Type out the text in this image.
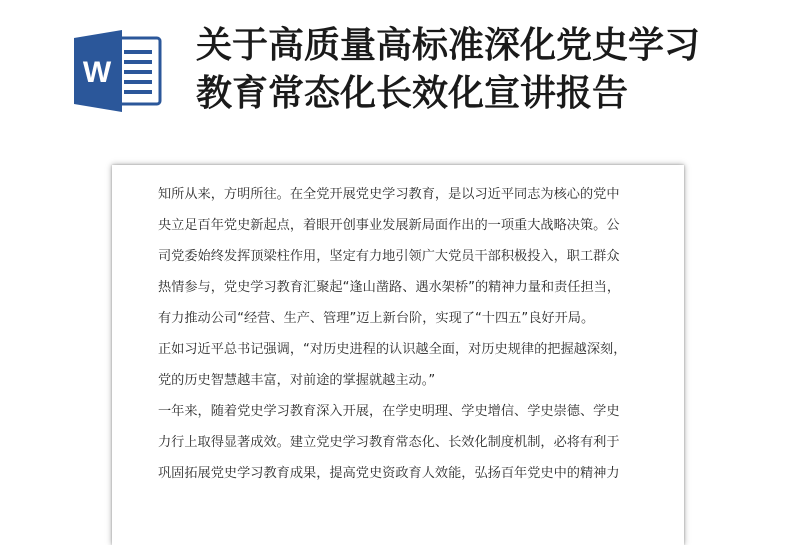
W
关于高质量高标准深化党史学习
教育常态化长效化宣讲报告
知所从来，方明所往。在全党开展党史学习教育，是以习近平同志为核心的党中
央立足百年党史新起点，着眼开创事业发展新局面作出的一项重大战略决策。公
司党委始终发挥顶梁柱作用，坚定有力地引领广大党员干部积极投入，职工群众
热情参与，党史学习教育汇聚起“逢山凿路、遇水架桥”的精神力量和责任担当，
有力推动公司“经营、生产、管理”迈上新台阶，实现了“十四五”良好开局。
正如习近平总书记强调，“对历史进程的认识越全面，对历史规律的把握越深刻，
党的历史智慧越丰富，对前途的掌握就越主动。”
一年来，随着党史学习教育深入开展，在学史明理、学史增信、学史崇德、学史
力行上取得显著成效。建立党史学习教育常态化、长效化制度机制，必将有利于
巩固拓展党史学习教育成果，提高党史资政育人效能，弘扬百年党史中的精神力
